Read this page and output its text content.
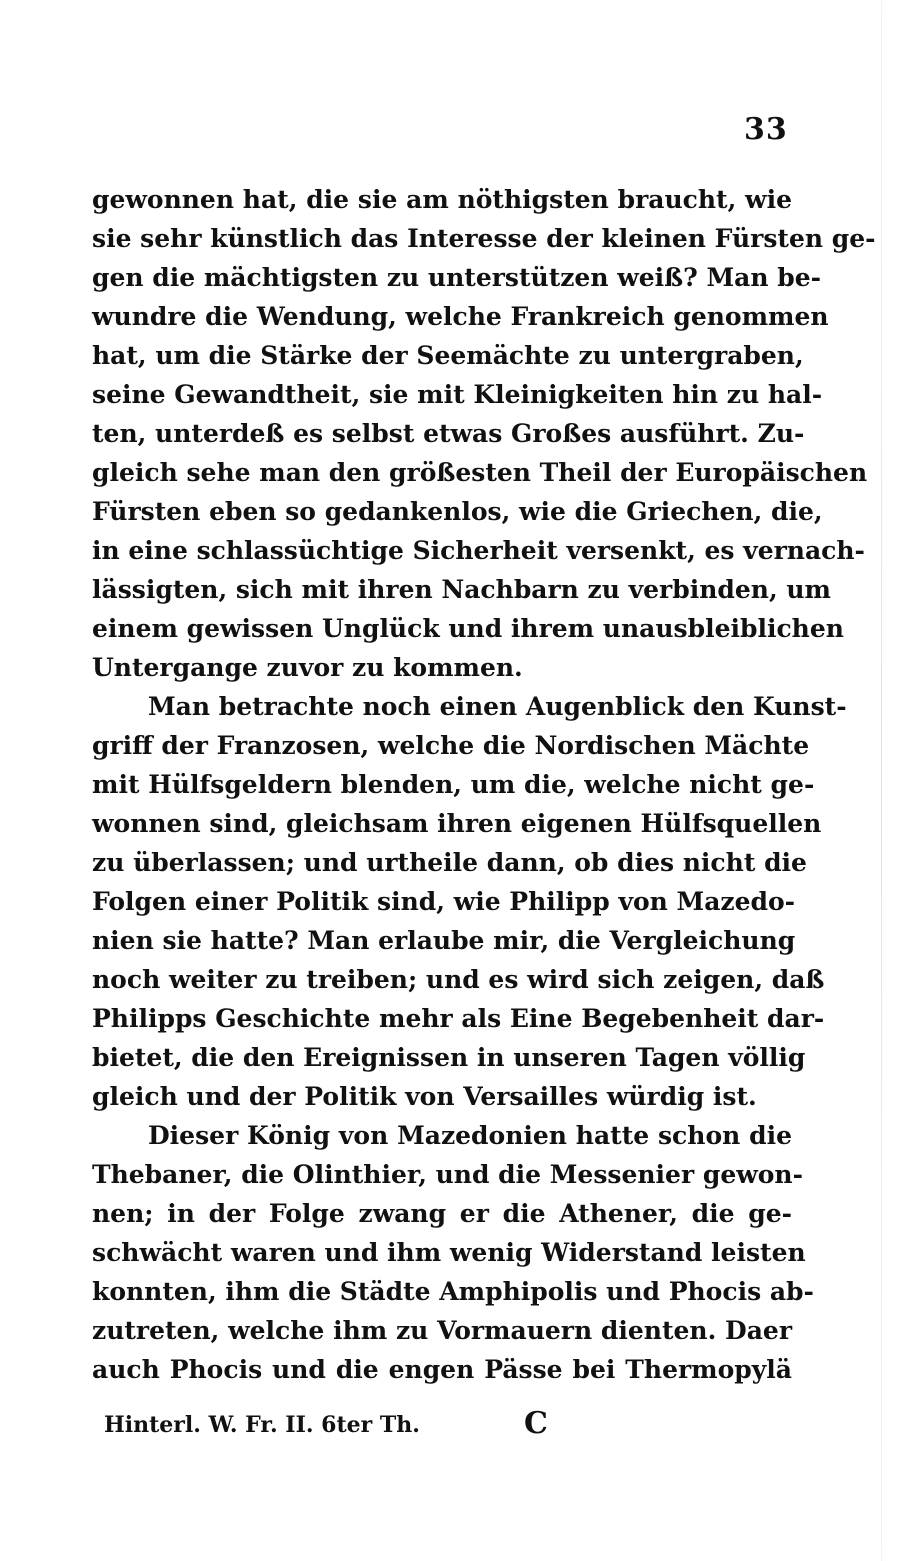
33
gewonnen hat, die sie am nöthigsten braucht, wie
sie sehr künstlich das Interesse der kleinen Fürsten ge-
gen die mächtigsten zu unterstützen weiß? Man be-
wundre die Wendung, welche Frankreich genommen
hat, um die Stärke der Seemächte zu untergraben,
seine Gewandtheit, sie mit Kleinigkeiten hin zu hal-
ten, unterdeß es selbst etwas Großes ausführt. Zu-
gleich sehe man den größesten Theil der Europäischen
Fürsten eben so gedankenlos, wie die Griechen, die,
in eine schlassüchtige Sicherheit versenkt, es vernach-
lässigten, sich mit ihren Nachbarn zu verbinden, um
einem gewissen Unglück und ihrem unausbleiblichen
Untergange zuvor zu kommen.
Man betrachte noch einen Augenblick den Kunst-
griff der Franzosen, welche die Nordischen Mächte
mit Hülfsgeldern blenden, um die, welche nicht ge-
wonnen sind, gleichsam ihren eigenen Hülfsquellen
zu überlassen; und urtheile dann, ob dies nicht die
Folgen einer Politik sind, wie Philipp von Mazedo-
nien sie hatte? Man erlaube mir, die Vergleichung
noch weiter zu treiben; und es wird sich zeigen, daß
Philipps Geschichte mehr als Eine Begebenheit dar-
bietet, die den Ereignissen in unseren Tagen völlig
gleich und der Politik von Versailles würdig ist.
Dieser König von Mazedonien hatte schon die
Thebaner, die Olinthier, und die Messenier gewon-
nen; in der Folge zwang er die Athener, die ge-
schwächt waren und ihm wenig Widerstand leisten
konnten, ihm die Städte Amphipolis und Phocis ab-
zutreten, welche ihm zu Vormauern dienten. Daer
auch Phocis und die engen Pässe bei Thermopylä
Hinterl. W. Fr. II. 6ter Th.	C
